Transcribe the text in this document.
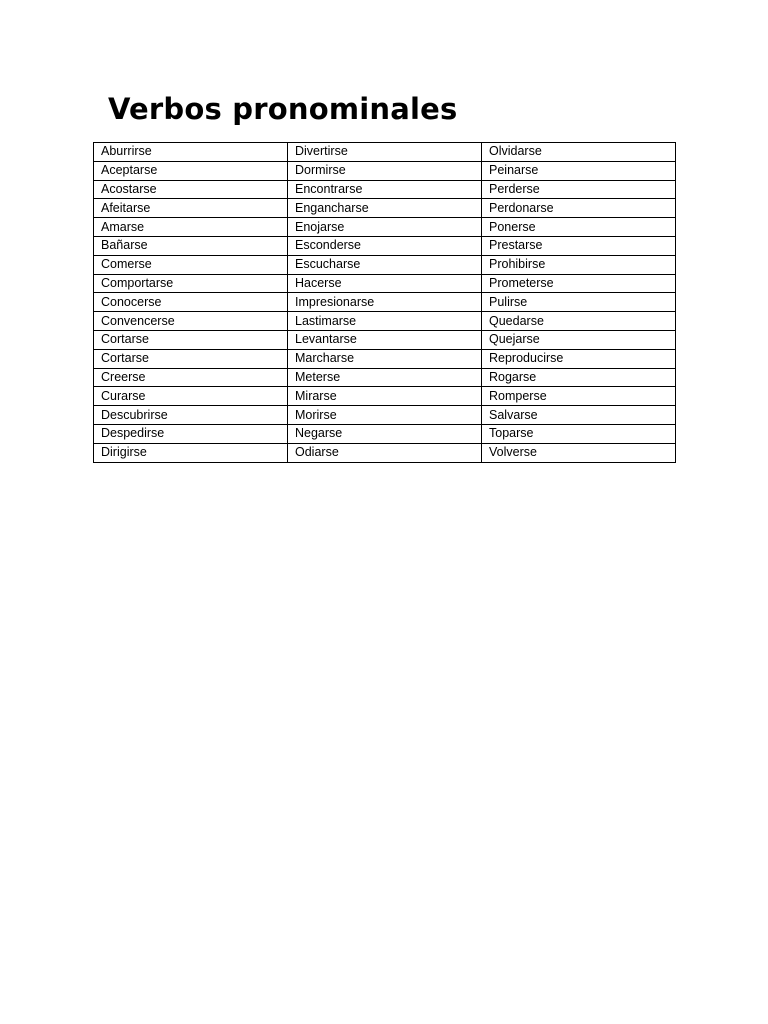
Verbos pronominales
Aburrirse	Divertirse	Olvidarse
Aceptarse	Dormirse	Peinarse
Acostarse	Encontrarse	Perderse
Afeitarse	Engancharse	Perdonarse
Amarse	Enojarse	Ponerse
Bañarse	Esconderse	Prestarse
Comerse	Escucharse	Prohibirse
Comportarse	Hacerse	Prometerse
Conocerse	Impresionarse	Pulirse
Convencerse	Lastimarse	Quedarse
Cortarse	Levantarse	Quejarse
Cortarse	Marcharse	Reproducirse
Creerse	Meterse	Rogarse
Curarse	Mirarse	Romperse
Descubrirse	Morirse	Salvarse
Despedirse	Negarse	Toparse
Dirigirse	Odiarse	Volverse
